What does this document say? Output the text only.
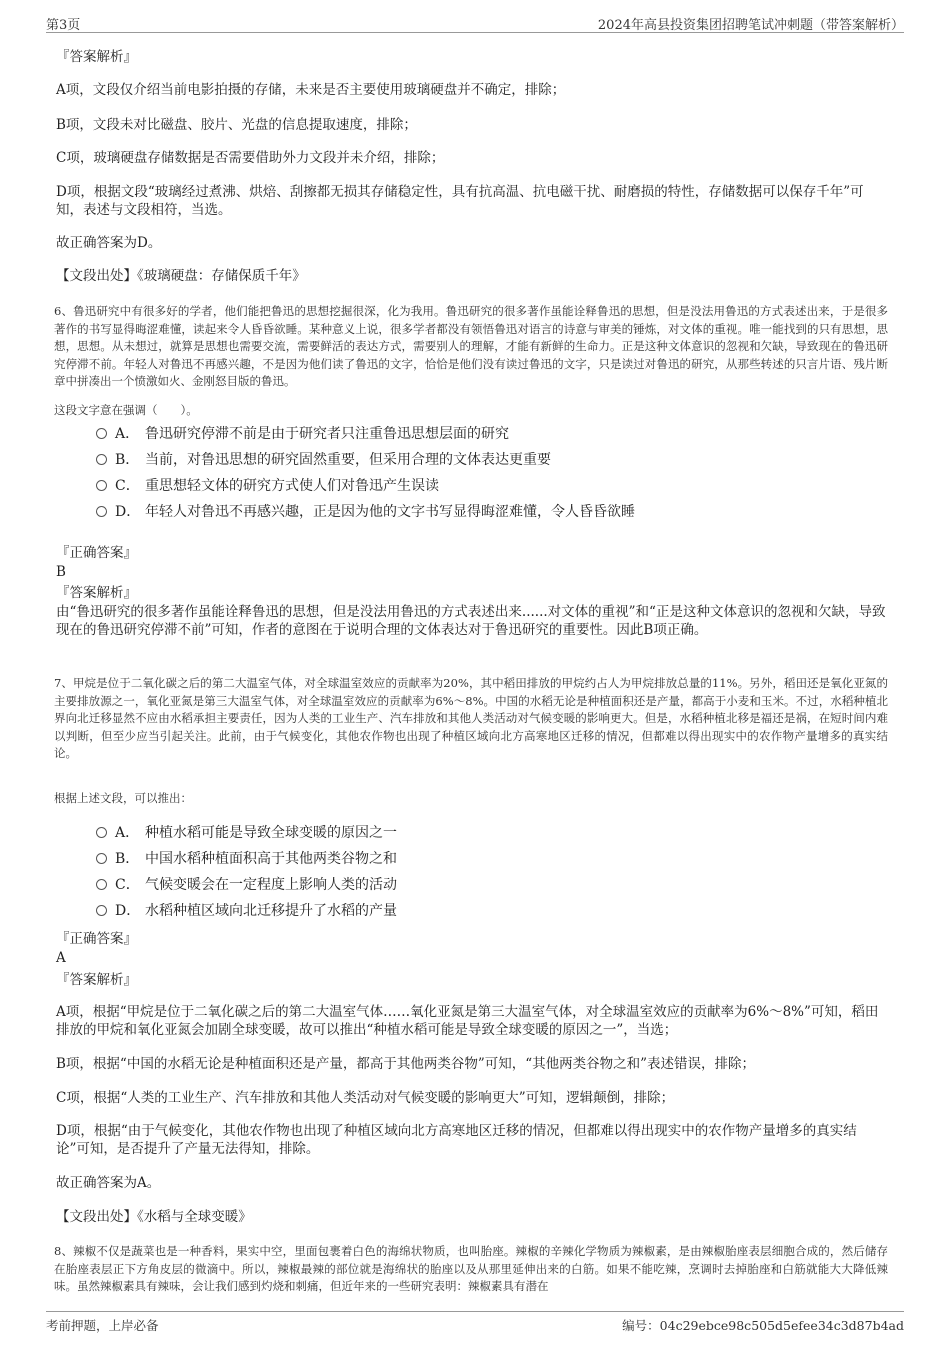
第3页	2024年高县投资集团招聘笔试冲刺题（带答案解析）

『答案解析』

A项，文段仅介绍当前电影拍摄的存储，未来是否主要使用玻璃硬盘并不确定，排除；

B项，文段未对比磁盘、胶片、光盘的信息提取速度，排除；

C项，玻璃硬盘存储数据是否需要借助外力文段并未介绍，排除；

D项，根据文段“玻璃经过煮沸、烘焙、刮擦都无损其存储稳定性，具有抗高温、抗电磁干扰、耐磨损的特性，存储数据可以保存千年”可知，表述与文段相符，当选。

故正确答案为D。

【文段出处】《玻璃硬盘：存储保质千年》

6、鲁迅研究中有很多好的学者，他们能把鲁迅的思想挖掘很深，化为我用。鲁迅研究的很多著作虽能诠释鲁迅的思想，但是没法用鲁迅的方式表述出来，于是很多著作的书写显得晦涩难懂，读起来令人昏昏欲睡。某种意义上说，很多学者都没有领悟鲁迅对语言的诗意与审美的锤炼，对文体的重视。唯一能找到的只有思想，思想，思想。从未想过，就算是思想也需要交流，需要鲜活的表达方式，需要别人的理解，才能有新鲜的生命力。正是这种文体意识的忽视和欠缺，导致现在的鲁迅研究停滞不前。年轻人对鲁迅不再感兴趣，不是因为他们读了鲁迅的文字，恰恰是他们没有读过鲁迅的文字，只是读过对鲁迅的研究，从那些转述的只言片语、残片断章中拼凑出一个愤激如火、金刚怒目版的鲁迅。

这段文字意在强调（　　）。

A． 鲁迅研究停滞不前是由于研究者只注重鲁迅思想层面的研究
B． 当前，对鲁迅思想的研究固然重要，但采用合理的文体表达更重要
C． 重思想轻文体的研究方式使人们对鲁迅产生误读
D． 年轻人对鲁迅不再感兴趣，正是因为他的文字书写显得晦涩难懂，令人昏昏欲睡

『正确答案』

B

『答案解析』

由“鲁迅研究的很多著作虽能诠释鲁迅的思想，但是没法用鲁迅的方式表述出来......对文体的重视”和“正是这种文体意识的忽视和欠缺，导致现在的鲁迅研究停滞不前”可知，作者的意图在于说明合理的文体表达对于鲁迅研究的重要性。因此B项正确。

7、甲烷是位于二氧化碳之后的第二大温室气体，对全球温室效应的贡献率为20%，其中稻田排放的甲烷约占人为甲烷排放总量的11%。另外，稻田还是氧化亚氮的主要排放源之一，氧化亚氮是第三大温室气体，对全球温室效应的贡献率为6%～8%。中国的水稻无论是种植面积还是产量，都高于小麦和玉米。不过，水稻种植北界向北迁移显然不应由水稻承担主要责任，因为人类的工业生产、汽车排放和其他人类活动对气候变暖的影响更大。但是，水稻种植北移是福还是祸，在短时间内难以判断，但至少应当引起关注。此前，由于气候变化，其他农作物也出现了种植区域向北方高寒地区迁移的情况，但都难以得出现实中的农作物产量增多的真实结论。

根据上述文段，可以推出：

A． 种植水稻可能是导致全球变暖的原因之一
B． 中国水稻种植面积高于其他两类谷物之和
C． 气候变暖会在一定程度上影响人类的活动
D． 水稻种植区域向北迁移提升了水稻的产量

『正确答案』

A

『答案解析』

A项，根据“甲烷是位于二氧化碳之后的第二大温室气体……氧化亚氮是第三大温室气体，对全球温室效应的贡献率为6%～8%”可知，稻田排放的甲烷和氧化亚氮会加剧全球变暖，故可以推出“种植水稻可能是导致全球变暖的原因之一”，当选；

B项，根据“中国的水稻无论是种植面积还是产量，都高于其他两类谷物”可知，“其他两类谷物之和”表述错误，排除；

C项，根据“人类的工业生产、汽车排放和其他人类活动对气候变暖的影响更大”可知，逻辑颠倒，排除；

D项，根据“由于气候变化，其他农作物也出现了种植区域向北方高寒地区迁移的情况，但都难以得出现实中的农作物产量增多的真实结论”可知，是否提升了产量无法得知，排除。

故正确答案为A。

【文段出处】《水稻与全球变暖》

8、辣椒不仅是蔬菜也是一种香料，果实中空，里面包裹着白色的海绵状物质，也叫胎座。辣椒的辛辣化学物质为辣椒素，是由辣椒胎座表层细胞合成的，然后储存在胎座表层正下方角皮层的微滴中。所以，辣椒最辣的部位就是海绵状的胎座以及从那里延伸出来的白筋。如果不能吃辣，烹调时去掉胎座和白筋就能大大降低辣味。虽然辣椒素具有辣味，会让我们感到灼烧和刺痛，但近年来的一些研究表明：辣椒素具有潜在

考前押题，上岸必备	编号：04c29ebce98c505d5efee34c3d87b4ad
